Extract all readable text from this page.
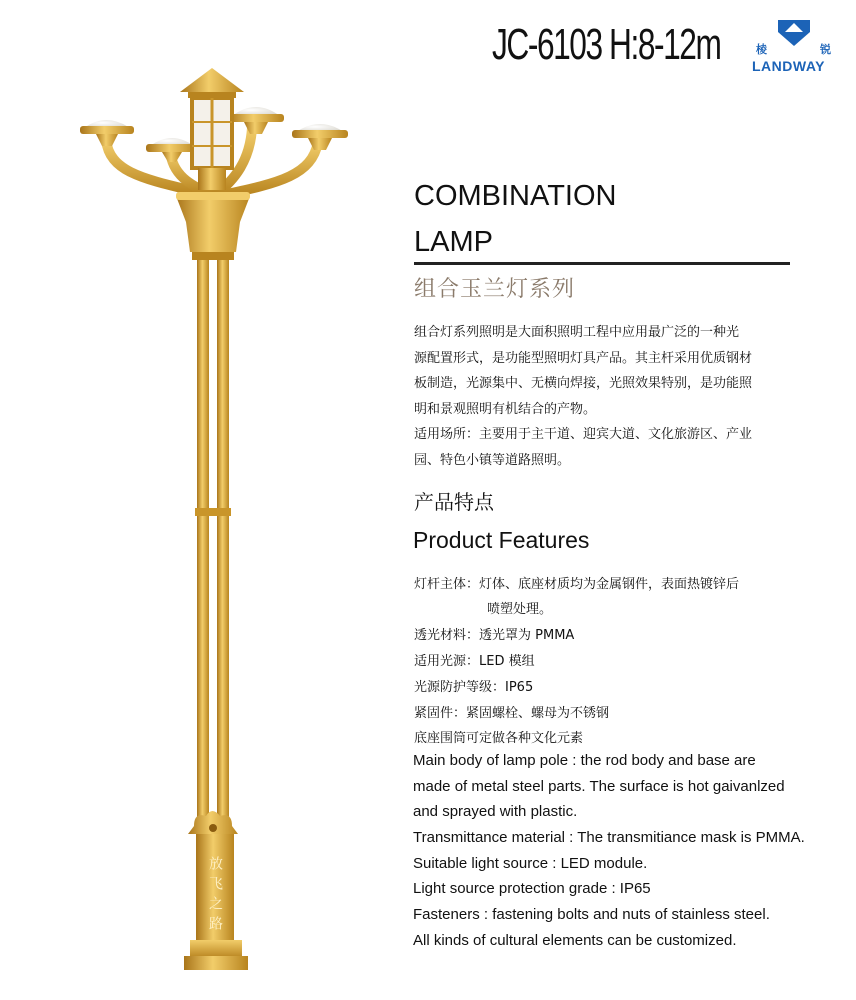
放飞之路
JC-6103 H:8-12m	棱	锐
LANDWAY
COMBINATION
LAMP
组合玉兰灯系列

组合灯系列照明是大面积照明工程中应用最广泛的一种光

源配置形式，是功能型照明灯具产品。其主杆采用优质钢材

板制造，光源集中、无横向焊接，光照效果特别，是功能照

明和景观照明有机结合的产物。

适用场所：主要用于主干道、迎宾大道、文化旅游区、产业

园、特色小镇等道路照明。

产品特点
Product Features
灯杆主体：灯体、底座材质均为金属钢件，表面热镀锌后
喷塑处理。
透光材料：透光罩为 PMMA
适用光源：LED 模组
光源防护等级：IP65
紧固件：紧固螺栓、螺母为不锈钢
底座围筒可定做各种文化元素
Main body of lamp pole : the rod body and base are
made of metal steel parts. The surface is hot gaivanlzed
and sprayed with plastic.
Transmittance material : The transmitiance mask is PMMA.
Suitable light source : LED module.
Light source protection grade : IP65
Fasteners : fastening bolts and nuts of stainless steel.
All kinds of cultural elements can be customized.
